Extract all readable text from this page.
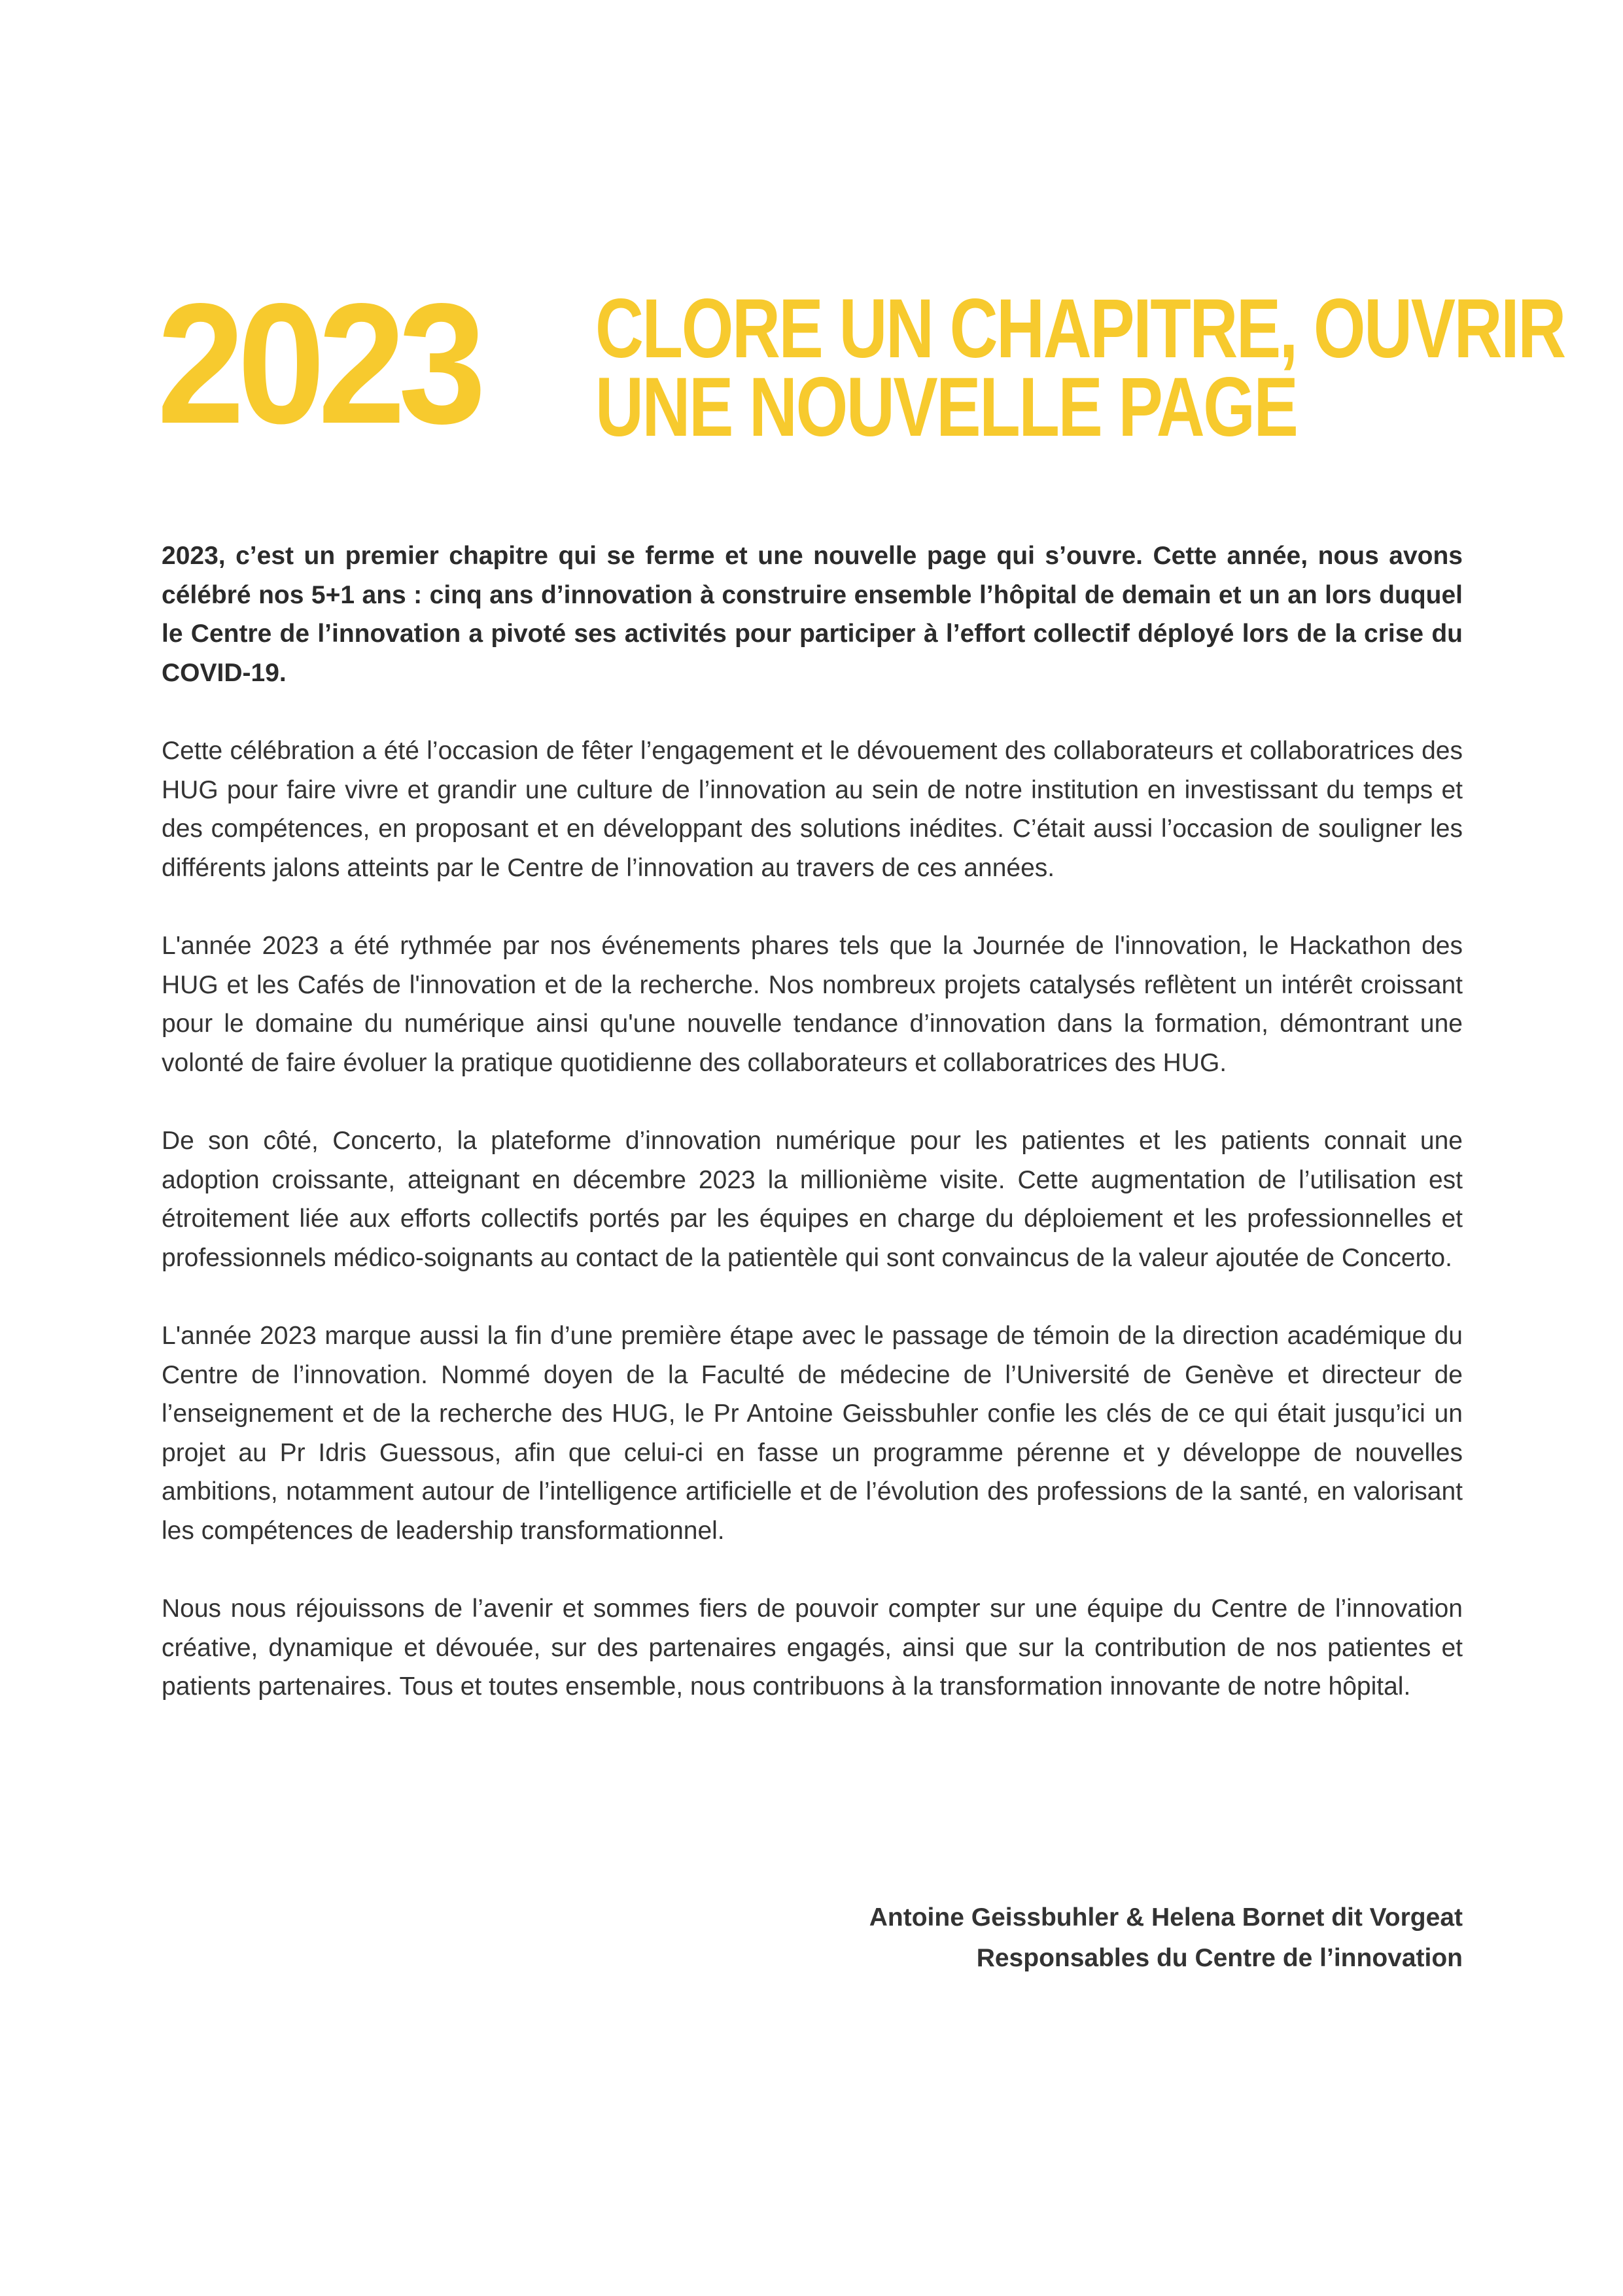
2023 CLORE UN CHAPITRE, OUVRIR
UNE NOUVELLE PAGE

2023, c’est un premier chapitre qui se ferme et une nouvelle page qui s’ouvre. Cette année, nous avons célébré nos 5+1 ans : cinq ans d’innovation à construire ensemble l’hôpital de demain et un an lors duquel le Centre de l’innovation a pivoté ses activités pour participer à l’effort collectif déployé lors de la crise du COVID-19.

Cette célébration a été l’occasion de fêter l’engagement et le dévouement des collaborateurs et collaboratrices des HUG pour faire vivre et grandir une culture de l’innovation au sein de notre institution en investissant du temps et des compétences, en proposant et en développant des solutions inédites. C’était aussi l’occasion de souligner les différents jalons atteints par le Centre de l’innovation au travers de ces années.

L'année 2023 a été rythmée par nos événements phares tels que la Journée de l'innovation, le Hackathon des HUG et les Cafés de l'innovation et de la recherche. Nos nombreux projets catalysés reflètent un intérêt croissant pour le domaine du numérique ainsi qu'une nouvelle tendance d’innovation dans la formation, démontrant une volonté de faire évoluer la pratique quotidienne des collaborateurs et collaboratrices des HUG.

De son côté, Concerto, la plateforme d’innovation numérique pour les patientes et les patients connait une adoption croissante, atteignant en décembre 2023 la millionième visite. Cette augmentation de l’utilisation est étroitement liée aux efforts collectifs portés par les équipes en charge du déploiement et les professionnelles et professionnels médico-soignants au contact de la patientèle qui sont convaincus de la valeur ajoutée de Concerto.

L'année 2023 marque aussi la fin d’une première étape avec le passage de témoin de la direction académique du Centre de l’innovation. Nommé doyen de la Faculté de médecine de l’Université de Genève et directeur de l’enseignement et de la recherche des HUG, le Pr Antoine Geissbuhler confie les clés de ce qui était jusqu’ici un projet au Pr Idris Guessous, afin que celui-ci en fasse un programme pérenne et y développe de nouvelles ambitions, notamment autour de l’intelligence artificielle et de l’évolution des professions de la santé, en valorisant les compétences de leadership transformationnel.

Nous nous réjouissons de l’avenir et sommes fiers de pouvoir compter sur une équipe du Centre de l’innovation créative, dynamique et dévouée, sur des partenaires engagés, ainsi que sur la contribution de nos patientes et patients partenaires. Tous et toutes ensemble, nous contribuons à la transformation innovante de notre hôpital.

Antoine Geissbuhler & Helena Bornet dit Vorgeat
Responsables du Centre de l’innovation
